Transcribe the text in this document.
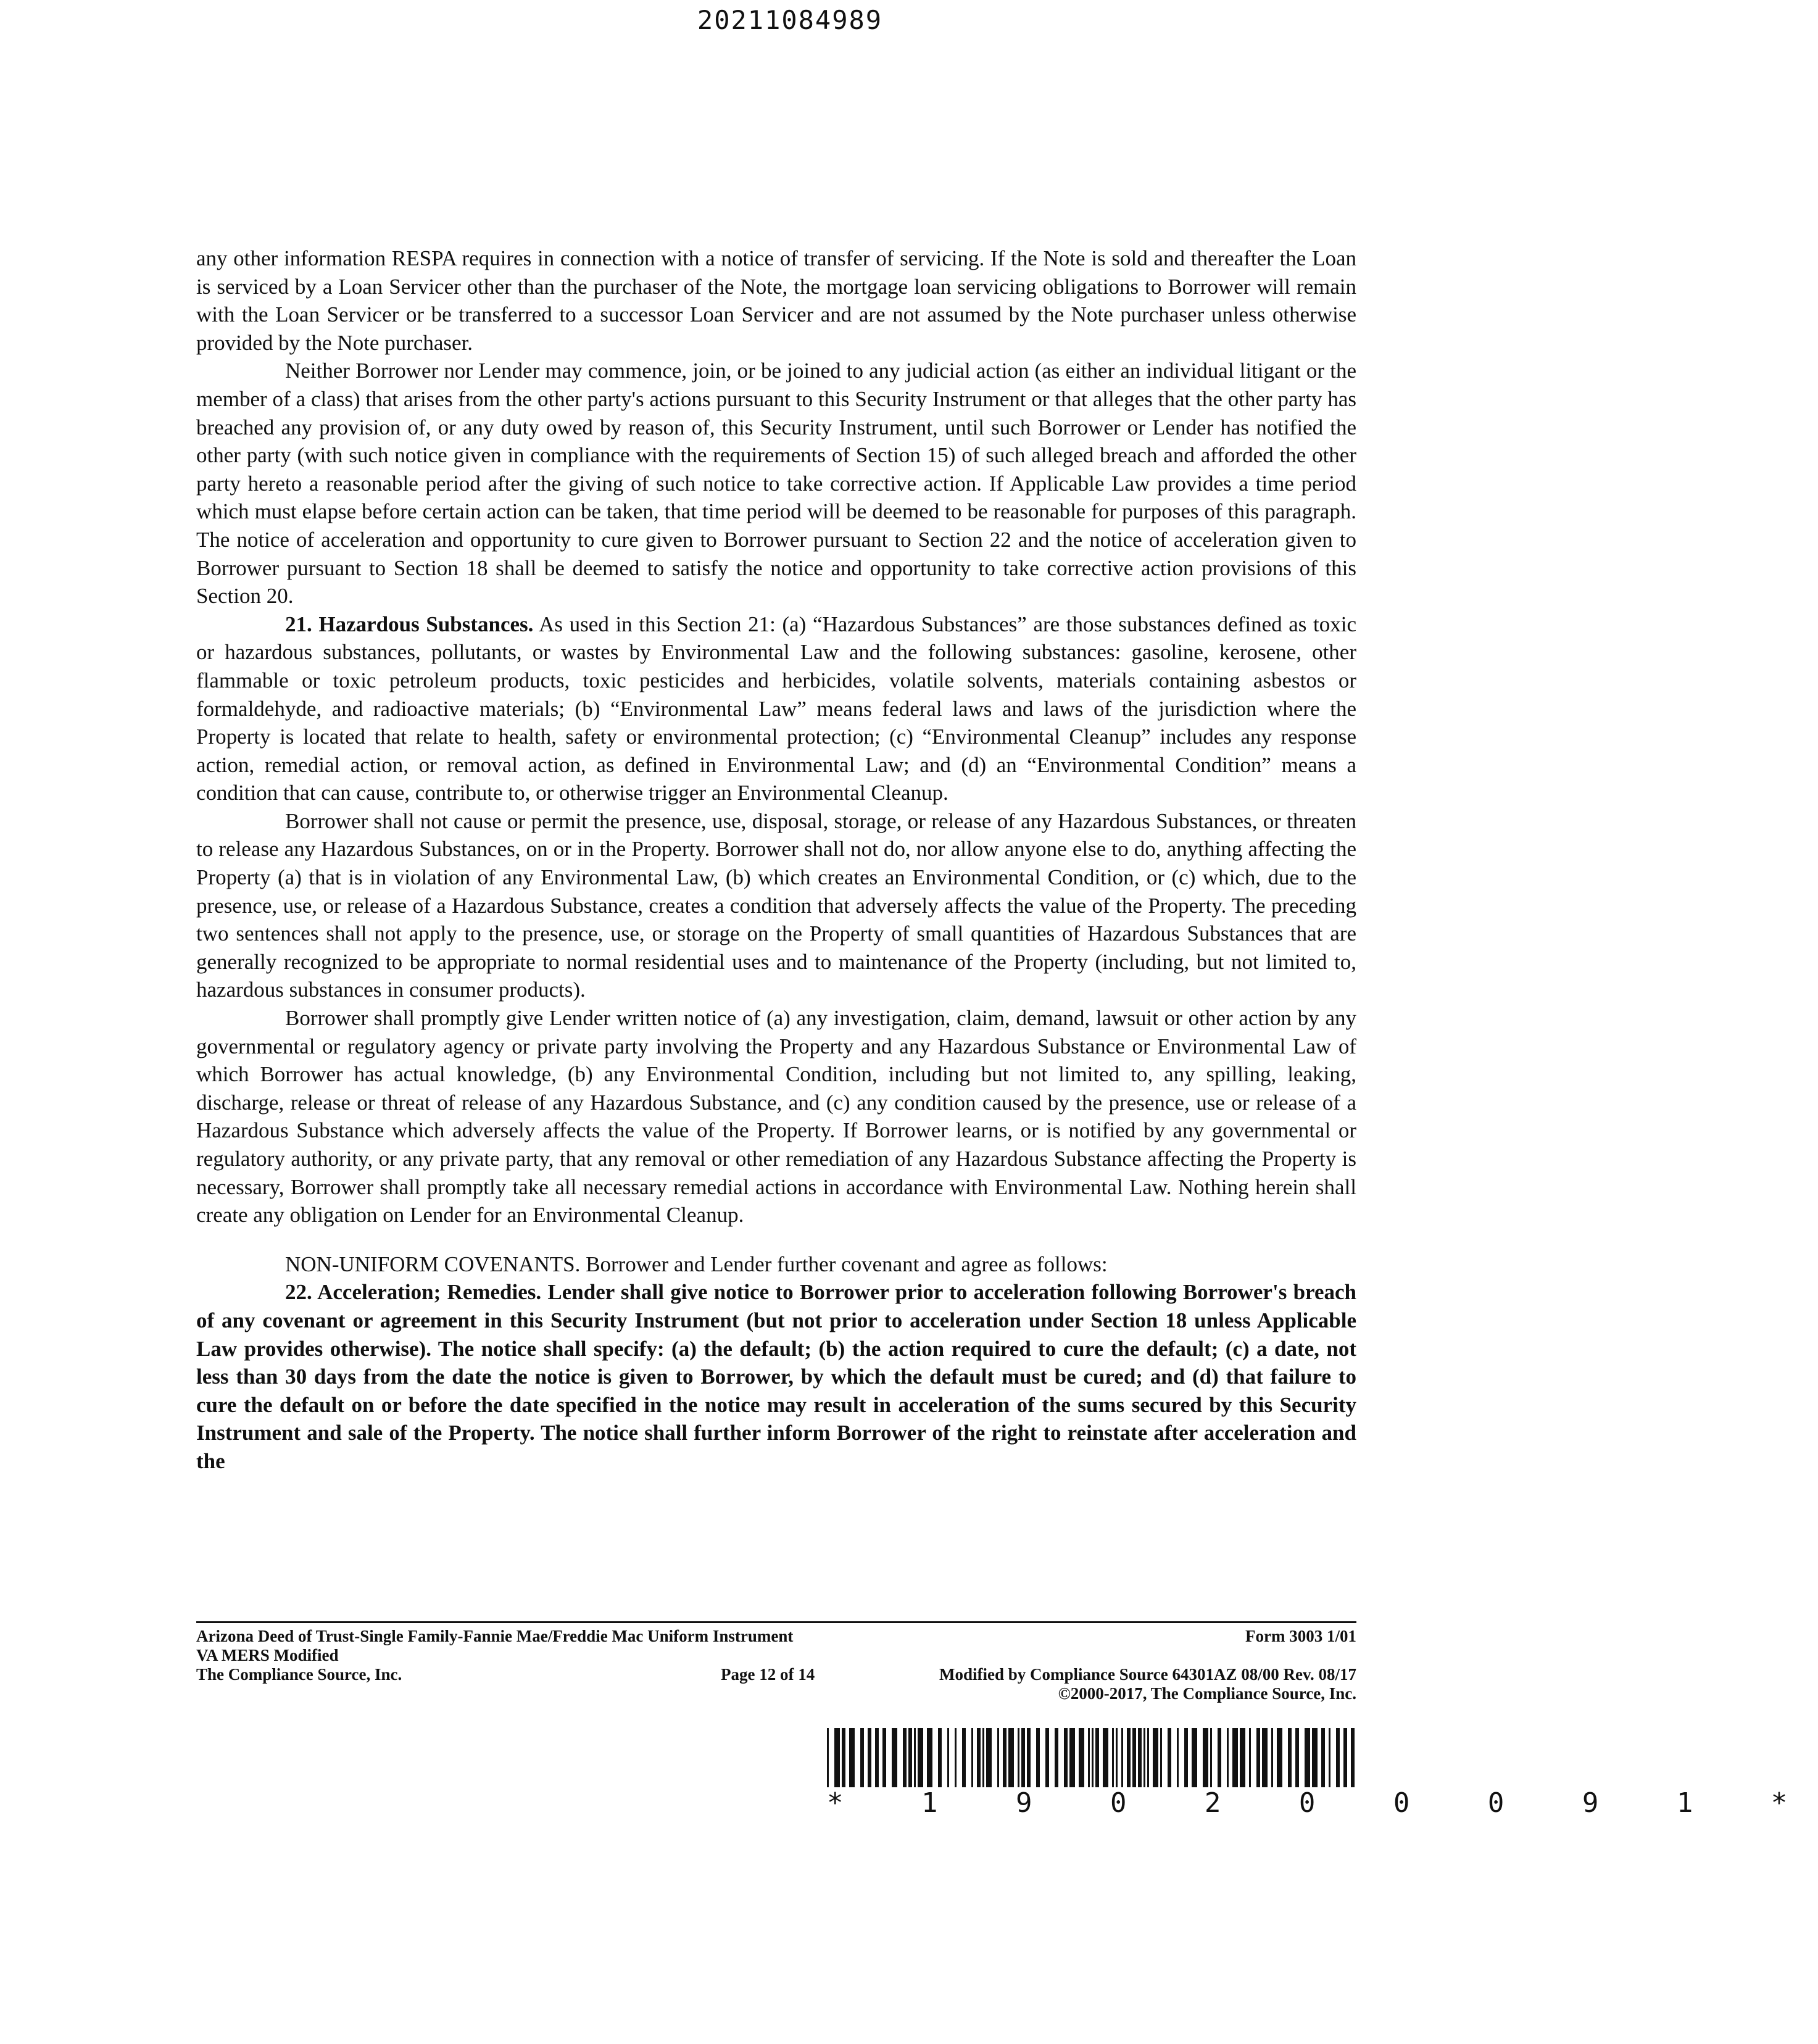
20211084989

any other information RESPA requires in connection with a notice of transfer of servicing. If the Note is sold and thereafter the Loan is serviced by a Loan Servicer other than the purchaser of the Note, the mortgage loan servicing obligations to Borrower will remain with the Loan Servicer or be transferred to a successor Loan Servicer and are not assumed by the Note purchaser unless otherwise provided by the Note purchaser.

Neither Borrower nor Lender may commence, join, or be joined to any judicial action (as either an individual litigant or the member of a class) that arises from the other party's actions pursuant to this Security Instrument or that alleges that the other party has breached any provision of, or any duty owed by reason of, this Security Instrument, until such Borrower or Lender has notified the other party (with such notice given in compliance with the requirements of Section 15) of such alleged breach and afforded the other party hereto a reasonable period after the giving of such notice to take corrective action. If Applicable Law provides a time period which must elapse before certain action can be taken, that time period will be deemed to be reasonable for purposes of this paragraph. The notice of acceleration and opportunity to cure given to Borrower pursuant to Section 22 and the notice of acceleration given to Borrower pursuant to Section 18 shall be deemed to satisfy the notice and opportunity to take corrective action provisions of this Section 20.

21. Hazardous Substances. As used in this Section 21: (a) “Hazardous Substances” are those substances defined as toxic or hazardous substances, pollutants, or wastes by Environmental Law and the following substances: gasoline, kerosene, other flammable or toxic petroleum products, toxic pesticides and herbicides, volatile solvents, materials containing asbestos or formaldehyde, and radioactive materials; (b) “Environmental Law” means federal laws and laws of the jurisdiction where the Property is located that relate to health, safety or environmental protection; (c) “Environmental Cleanup” includes any response action, remedial action, or removal action, as defined in Environmental Law; and (d) an “Environmental Condition” means a condition that can cause, contribute to, or otherwise trigger an Environmental Cleanup.

Borrower shall not cause or permit the presence, use, disposal, storage, or release of any Hazardous Substances, or threaten to release any Hazardous Substances, on or in the Property. Borrower shall not do, nor allow anyone else to do, anything affecting the Property (a) that is in violation of any Environmental Law, (b) which creates an Environmental Condition, or (c) which, due to the presence, use, or release of a Hazardous Substance, creates a condition that adversely affects the value of the Property. The preceding two sentences shall not apply to the presence, use, or storage on the Property of small quantities of Hazardous Substances that are generally recognized to be appropriate to normal residential uses and to maintenance of the Property (including, but not limited to, hazardous substances in consumer products).

Borrower shall promptly give Lender written notice of (a) any investigation, claim, demand, lawsuit or other action by any governmental or regulatory agency or private party involving the Property and any Hazardous Substance or Environmental Law of which Borrower has actual knowledge, (b) any Environmental Condition, including but not limited to, any spilling, leaking, discharge, release or threat of release of any Hazardous Substance, and (c) any condition caused by the presence, use or release of a Hazardous Substance which adversely affects the value of the Property. If Borrower learns, or is notified by any governmental or regulatory authority, or any private party, that any removal or other remediation of any Hazardous Substance affecting the Property is necessary, Borrower shall promptly take all necessary remedial actions in accordance with Environmental Law. Nothing herein shall create any obligation on Lender for an Environmental Cleanup.

NON-UNIFORM COVENANTS. Borrower and Lender further covenant and agree as follows:

22. Acceleration; Remedies. Lender shall give notice to Borrower prior to acceleration following Borrower's breach of any covenant or agreement in this Security Instrument (but not prior to acceleration under Section 18 unless Applicable Law provides otherwise). The notice shall specify: (a) the default; (b) the action required to cure the default; (c) a date, not less than 30 days from the date the notice is given to Borrower, by which the default must be cured; and (d) that failure to cure the default on or before the date specified in the notice may result in acceleration of the sums secured by this Security Instrument and sale of the Property. The notice shall further inform Borrower of the right to reinstate after acceleration and the

Arizona Deed of Trust-Single Family-Fannie Mae/Freddie Mac Uniform Instrument	Form 3003 1/01
VA MERS Modified
The Compliance Source, Inc.	Page 12 of 14	Modified by Compliance Source 64301AZ 08/00 Rev. 08/17
©2000-2017, The Compliance Source, Inc.
* 1 9 0 2 0 0 0 9 1 *
